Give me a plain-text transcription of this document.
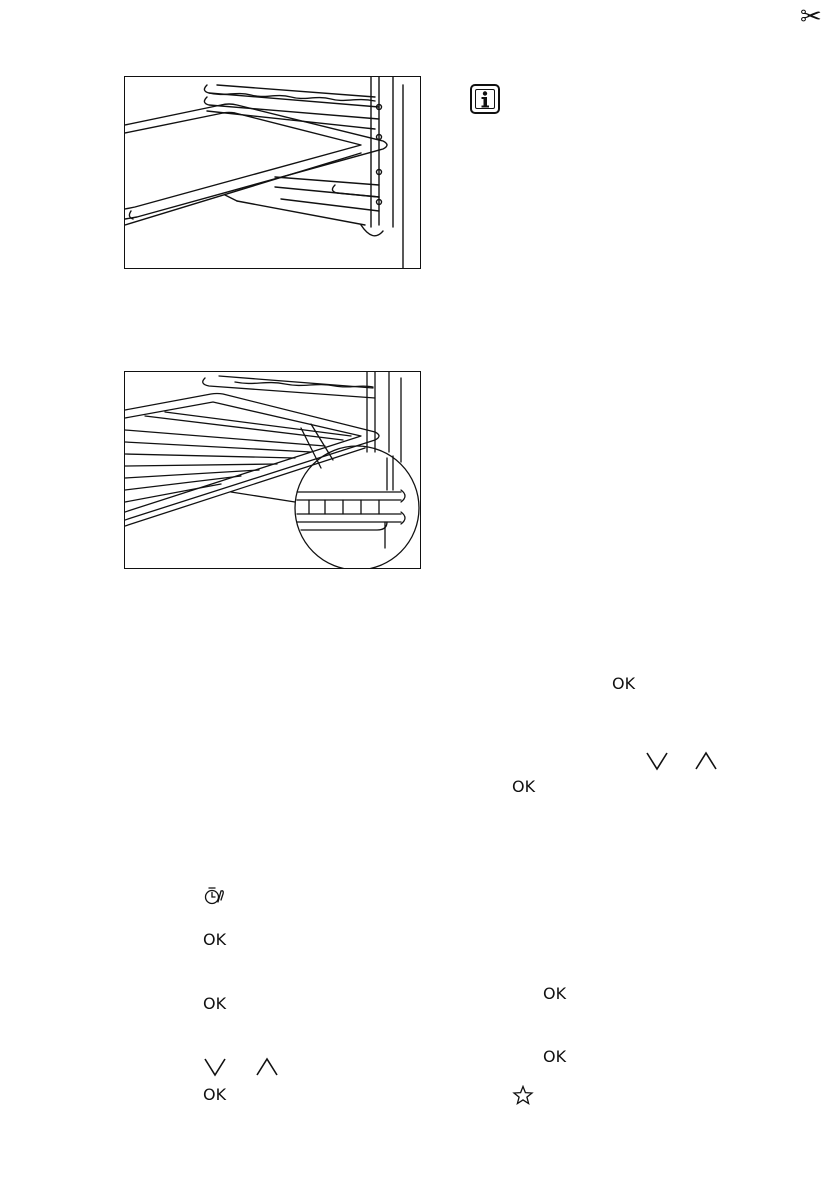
✂
OK
OK
OK
OK
OK
OK
OK
